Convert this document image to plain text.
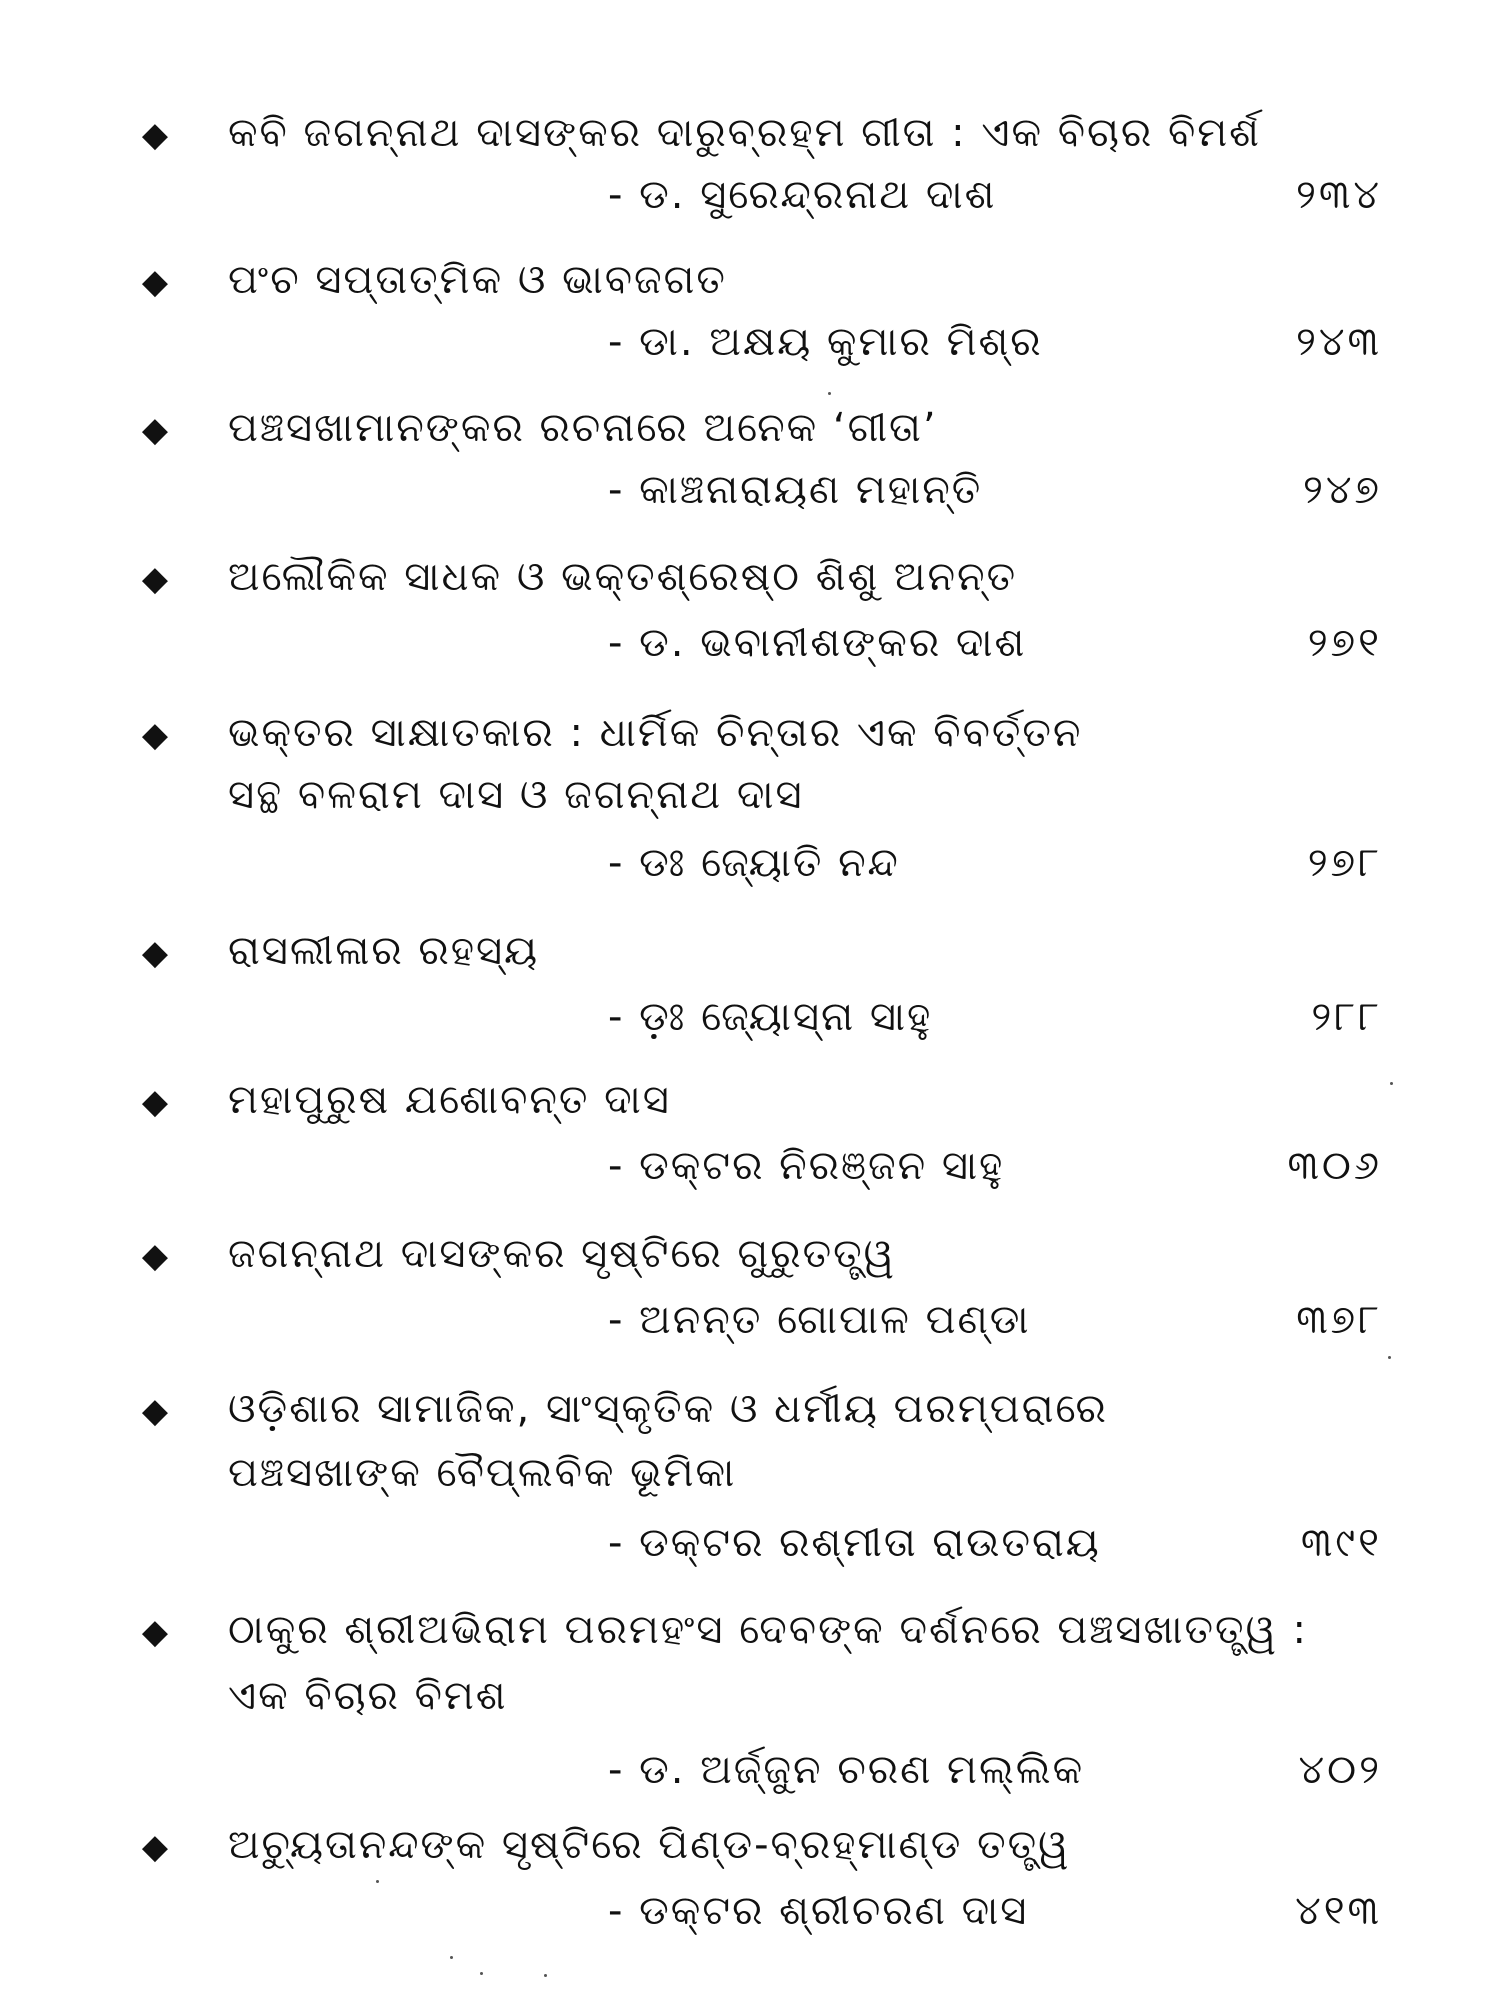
◆ କବି ଜଗନ୍ନାଥ ଦାସଙ୍କର ଦାରୁବ୍ରହ୍ମ ଗୀତା : ଏକ ବିଚାର ବିମର୍ଶ
- ଡ. ସୁରେନ୍ଦ୍ରନାଥ ଦାଶ	୨୩୪
◆ ପଂଚ ସପ୍ତାତ୍ମିକ ଓ ଭାବଜଗତ
- ଡା. ଅକ୍ଷୟ କୁମାର ମିଶ୍ର	୨୪୩
◆ ପଞ୍ଚସଖାମାନଙ୍କର ରଚନାରେ ଅନେକ ‘ଗୀତା’
- କାଞ୍ଚନାରାୟଣ ମହାନ୍ତି	୨୪୭
◆ ଅଲୌକିକ ସାଧକ ଓ ଭକ୍ତଶ୍ରେଷ୍ଠ ଶିଶୁ ଅନନ୍ତ
- ଡ. ଭବାନୀଶଙ୍କର ଦାଶ	୨୭୧
◆ ଭକ୍ତର ସାକ୍ଷାତକାର : ଧାର୍ମିକ ଚିନ୍ତାର ଏକ ବିବର୍ତ୍ତନ
ସନ୍ଥ ବଳରାମ ଦାସ ଓ ଜଗନ୍ନାଥ ଦାସ
- ଡଃ ଜ୍ୟୋତି ନନ୍ଦ	୨୭୮
◆ ରାସଲୀଳାର ରହସ୍ୟ
- ଡ଼ଃ ଜ୍ୟୋସ୍ନା ସାହୁ	୨୮୮
◆ ମହାପୁରୁଷ ଯଶୋବନ୍ତ ଦାସ
- ଡକ୍ଟର ନିରଞ୍ଜନ ସାହୁ	୩୦୬
◆ ଜଗନ୍ନାଥ ଦାସଙ୍କର ସୃଷ୍ଟିରେ ଗୁରୁତତ୍ତ୍ୱ
- ଅନନ୍ତ ଗୋପାଳ ପଣ୍ଡା	୩୭୮
◆ ଓଡ଼ିଶାର ସାମାଜିକ, ସାଂସ୍କୃତିକ ଓ ଧର୍ମୀୟ ପରମ୍ପରାରେ
ପଞ୍ଚସଖାଙ୍କ ବୈପ୍ଲବିକ ଭୂମିକା
- ଡକ୍ଟର ରଶ୍ମୀତା ରାଉତରାୟ	୩୯୧
◆ ଠାକୁର ଶ୍ରୀଅଭିରାମ ପରମହଂସ ଦେବଙ୍କ ଦର୍ଶନରେ ପଞ୍ଚସଖାତତ୍ତ୍ୱ :
ଏକ ବିଚାର ବିମଶ
- ଡ. ଅର୍ଜ୍ଜୁନ ଚରଣ ମଲ୍ଲିକ	୪୦୨
◆ ଅଚ୍ୟୁତାନନ୍ଦଙ୍କ ସୃଷ୍ଟିରେ ପିଣ୍ଡ-ବ୍ରହ୍ମାଣ୍ଡ ତତ୍ତ୍ୱ
- ଡକ୍ଟର ଶ୍ରୀଚରଣ ଦାସ	୪୧୩
